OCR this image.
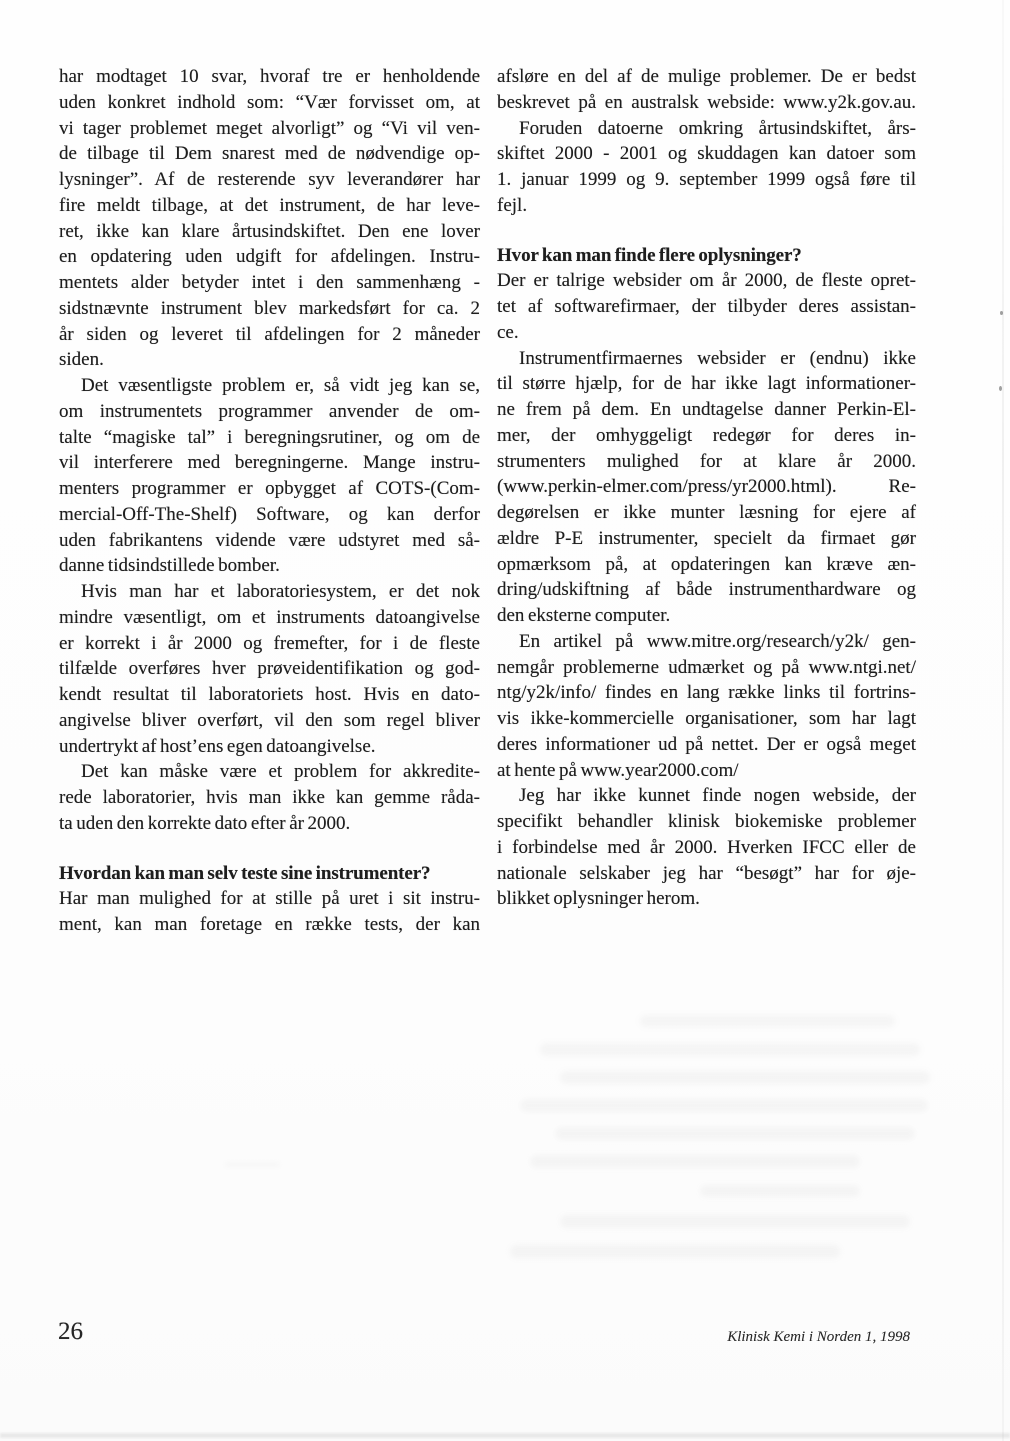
har modtaget 10 svar, hvoraf tre er henholdende
uden konkret indhold som: “Vær forvisset om, at
vi tager problemet meget alvorligt” og “Vi vil ven-
de tilbage til Dem snarest med de nødvendige op-
lysninger”. Af de resterende syv leverandører har
fire meldt tilbage, at det instrument, de har leve-
ret, ikke kan klare årtusindskiftet. Den ene lover
en opdatering uden udgift for afdelingen. Instru-
mentets alder betyder intet i den sammenhæng -
sidstnævnte instrument blev markedsført for ca. 2
år siden og leveret til afdelingen for 2 måneder
siden.
Det væsentligste problem er, så vidt jeg kan se,
om instrumentets programmer anvender de om-
talte “magiske tal” i beregningsrutiner, og om de
vil interferere med beregningerne. Mange instru-
menters programmer er opbygget af COTS-(Com-
mercial-Off-The-Shelf) Software, og kan derfor
uden fabrikantens vidende være udstyret med så-
danne tidsindstillede bomber.
Hvis man har et laboratoriesystem, er det nok
mindre væsentligt, om et instruments datoangivelse
er korrekt i år 2000 og fremefter, for i de fleste
tilfælde overføres hver prøveidentifikation og god-
kendt resultat til laboratoriets host. Hvis en dato-
angivelse bliver overført, vil den som regel bliver
undertrykt af host’ens egen datoangivelse.
Det kan måske være et problem for akkredite-
rede laboratorier, hvis man ikke kan gemme råda-
ta uden den korrekte dato efter år 2000.
Hvordan kan man selv teste sine instrumenter?
Har man mulighed for at stille på uret i sit instru-
ment, kan man foretage en række tests, der kan
afsløre en del af de mulige problemer. De er bedst
beskrevet på en australsk webside: www.y2k.gov.au.
Foruden datoerne omkring årtusindskiftet, års-
skiftet 2000 - 2001 og skuddagen kan datoer som
1. januar 1999 og 9. september 1999 også føre til
fejl.
Hvor kan man finde flere oplysninger?
Der er talrige websider om år 2000, de fleste opret-
tet af softwarefirmaer, der tilbyder deres assistan-
ce.
Instrumentfirmaernes websider er (endnu) ikke
til større hjælp, for de har ikke lagt informationer-
ne frem på dem. En undtagelse danner Perkin-El-
mer, der omhyggeligt redegør for deres in-
strumenters mulighed for at klare år 2000.
(www.perkin-elmer.com/press/yr2000.html). Re-
degørelsen er ikke munter læsning for ejere af
ældre P-E instrumenter, specielt da firmaet gør
opmærksom på, at opdateringen kan kræve æn-
dring/udskiftning af både instrumenthardware og
den eksterne computer.
En artikel på www.mitre.org/research/y2k/ gen-
nemgår problemerne udmærket og på www.ntgi.net/
ntg/y2k/info/ findes en lang række links til fortrins-
vis ikke-kommercielle organisationer, som har lagt
deres informationer ud på nettet. Der er også meget
at hente på www.year2000.com/
Jeg har ikke kunnet finde nogen webside, der
specifikt behandler klinisk biokemiske problemer
i forbindelse med år 2000. Hverken IFCC eller de
nationale selskaber jeg har “besøgt” har for øje-
blikket oplysninger herom.
26	Klinisk Kemi i Norden 1, 1998
